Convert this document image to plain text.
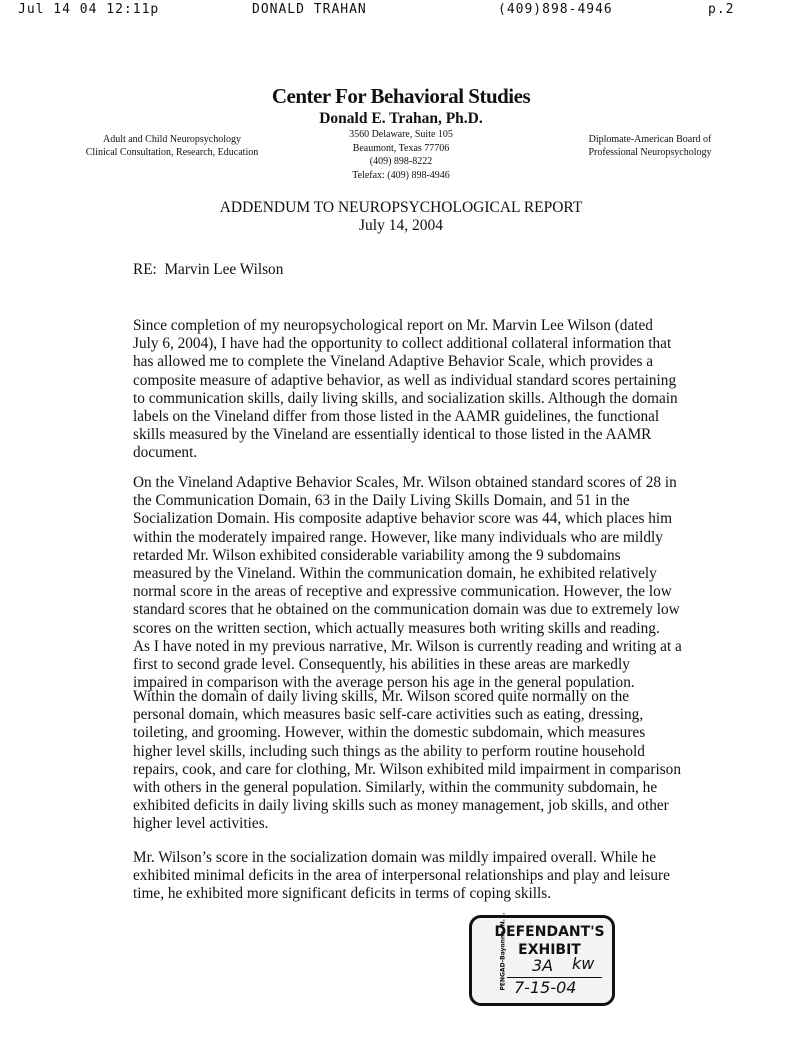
Jul 14 04 12:11p	DONALD TRAHAN	(409)898-4946	p.2
Center For Behavioral Studies
Donald E. Trahan, Ph.D.
Adult and Child Neuropsychology
Clinical Consultation, Research, Education
3560 Delaware, Suite 105
Beaumont, Texas 77706
(409) 898-8222
Telefax: (409) 898-4946
Diplomate-American Board of
Professional Neuropsychology
ADDENDUM TO NEUROPSYCHOLOGICAL REPORT
July 14, 2004
RE:  Marvin Lee Wilson
Since completion of my neuropsychological report on Mr. Marvin Lee Wilson (dated
July 6, 2004), I have had the opportunity to collect additional collateral information that
has allowed me to complete the Vineland Adaptive Behavior Scale, which provides a
composite measure of adaptive behavior, as well as individual standard scores pertaining
to communication skills, daily living skills, and socialization skills. Although the domain
labels on the Vineland differ from those listed in the AAMR guidelines, the functional
skills measured by the Vineland are essentially identical to those listed in the AAMR
document.
On the Vineland Adaptive Behavior Scales, Mr. Wilson obtained standard scores of 28 in
the Communication Domain, 63 in the Daily Living Skills Domain, and 51 in the
Socialization Domain. His composite adaptive behavior score was 44, which places him
within the moderately impaired range. However, like many individuals who are mildly
retarded Mr. Wilson exhibited considerable variability among the 9 subdomains
measured by the Vineland. Within the communication domain, he exhibited relatively
normal score in the areas of receptive and expressive communication. However, the low
standard scores that he obtained on the communication domain was due to extremely low
scores on the written section, which actually measures both writing skills and reading.
As I have noted in my previous narrative, Mr. Wilson is currently reading and writing at a
first to second grade level. Consequently, his abilities in these areas are markedly
impaired in comparison with the average person his age in the general population.
Within the domain of daily living skills, Mr. Wilson scored quite normally on the
personal domain, which measures basic self-care activities such as eating, dressing,
toileting, and grooming. However, within the domestic subdomain, which measures
higher level skills, including such things as the ability to perform routine household
repairs, cook, and care for clothing, Mr. Wilson exhibited mild impairment in comparison
with others in the general population. Similarly, within the community subdomain, he
exhibited deficits in daily living skills such as money management, job skills, and other
higher level activities.
Mr. Wilson’s score in the socialization domain was mildly impaired overall. While he
exhibited minimal deficits in the area of interpersonal relationships and play and leisure
time, he exhibited more significant deficits in terms of coping skills.
PENGAD-Bayonne, N. J.
DEFENDANT'S
EXHIBIT
3A kw
7-15-04
